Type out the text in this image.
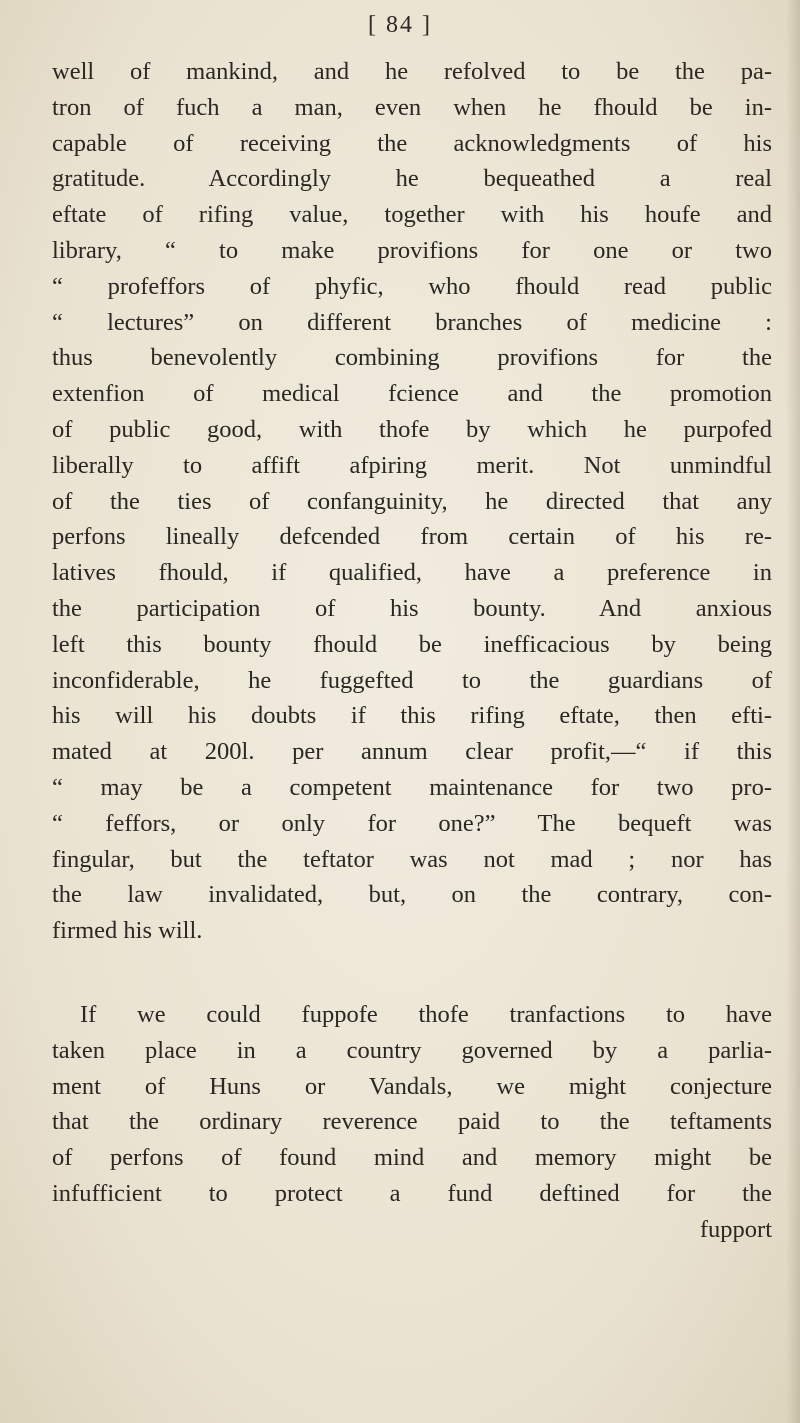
[ 84 ]
well of mankind, and he refolved to be the pa-
tron of fuch a man, even when he fhould be in-
capable of receiving the acknowledgments of his
gratitude. Accordingly he bequeathed a real
eftate of rifing value, together with his houfe and
library, “ to make provifions for one or two
“ profeffors of phyfic, who fhould read public
“ lectures” on different branches of medicine :
thus benevolently combining provifions for the
extenfion of medical fcience and the promotion
of public good, with thofe by which he purpofed
liberally to affift afpiring merit. Not unmindful
of the ties of confanguinity, he directed that any
perfons lineally defcended from certain of his re-
latives fhould, if qualified, have a preference in
the participation of his bounty. And anxious
left this bounty fhould be inefficacious by being
inconfiderable, he fuggefted to the guardians of
his will his doubts if this rifing eftate, then efti-
mated at 200l. per annum clear profit,—“ if this
“ may be a competent maintenance for two pro-
“ feffors, or only for one?” The bequeft was
fingular, but the teftator was not mad ; nor has
the law invalidated, but, on the contrary, con-
firmed his will.
If we could fuppofe thofe tranfactions to have
taken place in a country governed by a parlia-
ment of Huns or Vandals, we might conjecture
that the ordinary reverence paid to the teftaments
of perfons of found mind and memory might be
infufficient to protect a fund deftined for the
fupport
